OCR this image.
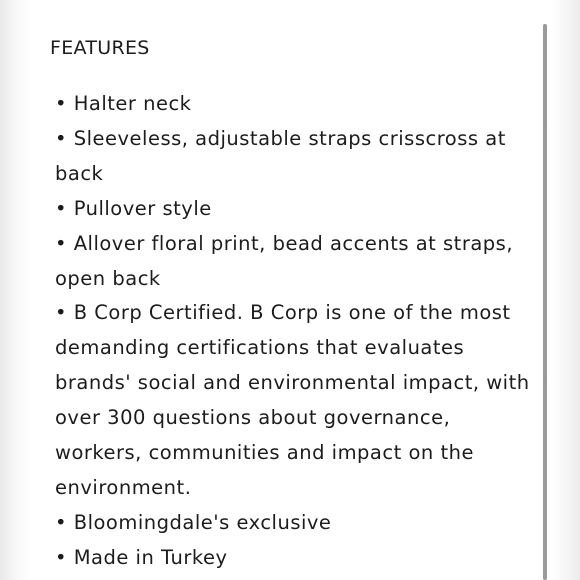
FEATURES
• Halter neck
• Sleeveless, adjustable straps crisscross at back
• Pullover style
• Allover floral print, bead accents at straps, open back
• B Corp Certified. B Corp is one of the most demanding certifications that evaluates brands' social and environmental impact, with over 300 questions about governance, workers, communities and impact on the environment.
• Bloomingdale's exclusive
• Made in Turkey
